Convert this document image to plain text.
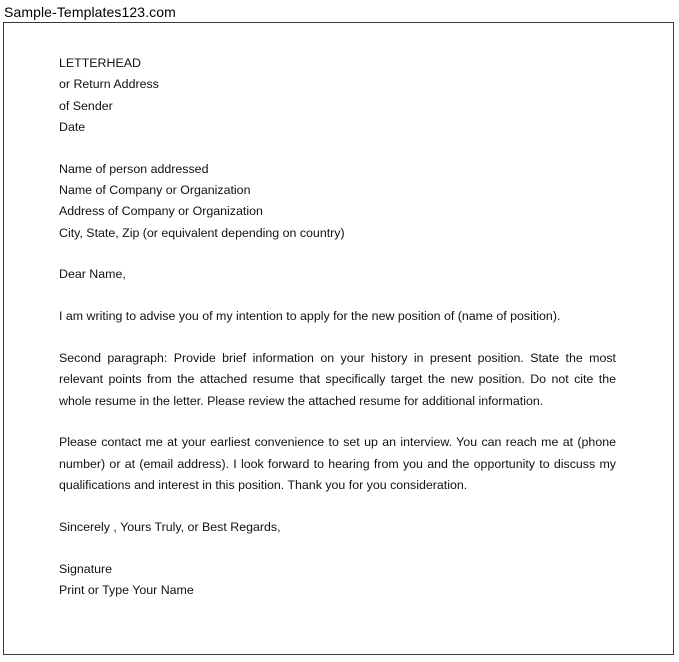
Sample-Templates123.com
LETTERHEAD
or Return Address
of Sender
Date
Name of person addressed
Name of Company or Organization
Address of Company or Organization
City, State, Zip (or equivalent depending on country)
Dear Name,
I am writing to advise you of my intention to apply for the new position of (name of position).
Second paragraph: Provide brief information on your history in present position. State the most relevant points from the attached resume that specifically target the new position. Do not cite the whole resume in the letter. Please review the attached resume for additional information.
Please contact me at your earliest convenience to set up an interview. You can reach me at (phone number) or at (email address). I look forward to hearing from you and the opportunity to discuss my qualifications and interest in this position. Thank you for you consideration.
Sincerely , Yours Truly, or Best Regards,
Signature
Print or Type Your Name
